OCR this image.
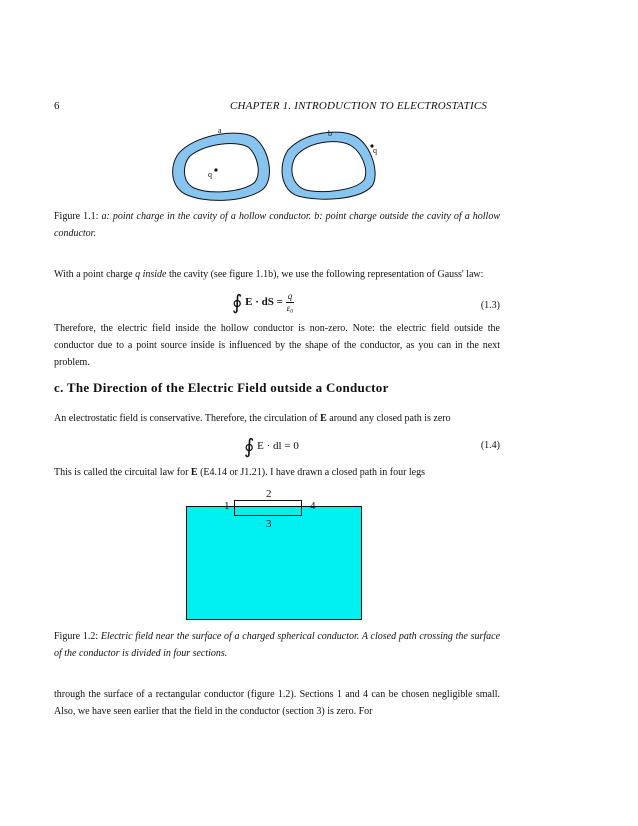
6	CHAPTER 1. INTRODUCTION TO ELECTROSTATICS
a	b
q
q
Figure 1.1: a: point charge in the cavity of a hollow conductor. b: point charge outside the cavity of a hollow conductor.
With a point charge q inside the cavity (see figure 1.1b), we use the following representation of Gauss' law:
∮ E · dS = $\frac{q}{\text{ε₀}}$	(1.3)
Therefore, the electric field inside the hollow conductor is non-zero. Note: the electric field outside the conductor due to a point source inside is influenced by the shape of the conductor, as you can in the next problem.
c. The Direction of the Electric Field outside a Conductor
An electrostatic field is conservative. Therefore, the circulation of E around any closed path is zero
∮ E · dl = 0	(1.4)
This is called the circuital law for E (E4.14 or J1.21). I have drawn a closed path in four legs
2
1	4
3
Figure 1.2: Electric field near the surface of a charged spherical conductor. A closed path crossing the surface of the conductor is divided in four sections.
through the surface of a rectangular conductor (figure 1.2). Sections 1 and 4 can be chosen negligible small. Also, we have seen earlier that the field in the conductor (section 3) is zero. For
